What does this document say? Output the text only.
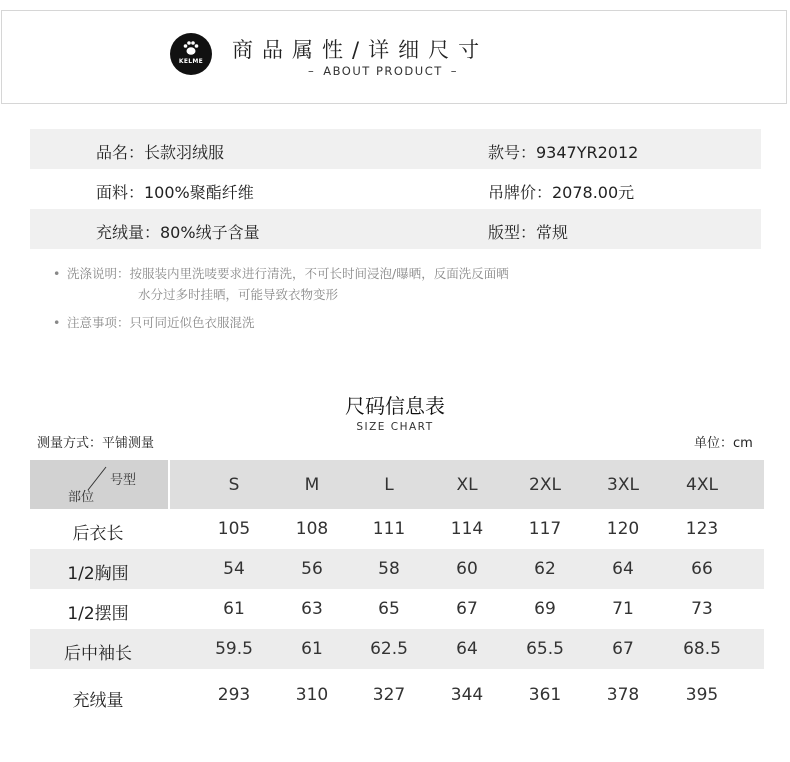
KELME	商品属性/详细尺寸
– ABOUT PRODUCT –
品名：长款羽绒服	款号：9347YR2012
面料：100%聚酯纤维	吊牌价：2078.00元
充绒量：80%绒子含量	版型：常规
• 洗涤说明：按服装内里洗唛要求进行清洗，不可长时间浸泡/曝晒，反面洗反面晒
水分过多时挂晒，可能导致衣物变形
• 注意事项：只可同近似色衣服混洗
尺码信息表
SIZE CHART
测量方式：平铺测量	单位：cm
号型
部位
S	M	L	XL	2XL	3XL	4XL
后衣长	105	108	111	114	117	120	123
1/2胸围	54	56	58	60	62	64	66
1/2摆围	61	63	65	67	69	71	73
后中袖长	59.5	61	62.5	64	65.5	67	68.5
充绒量	293	310	327	344	361	378	395
